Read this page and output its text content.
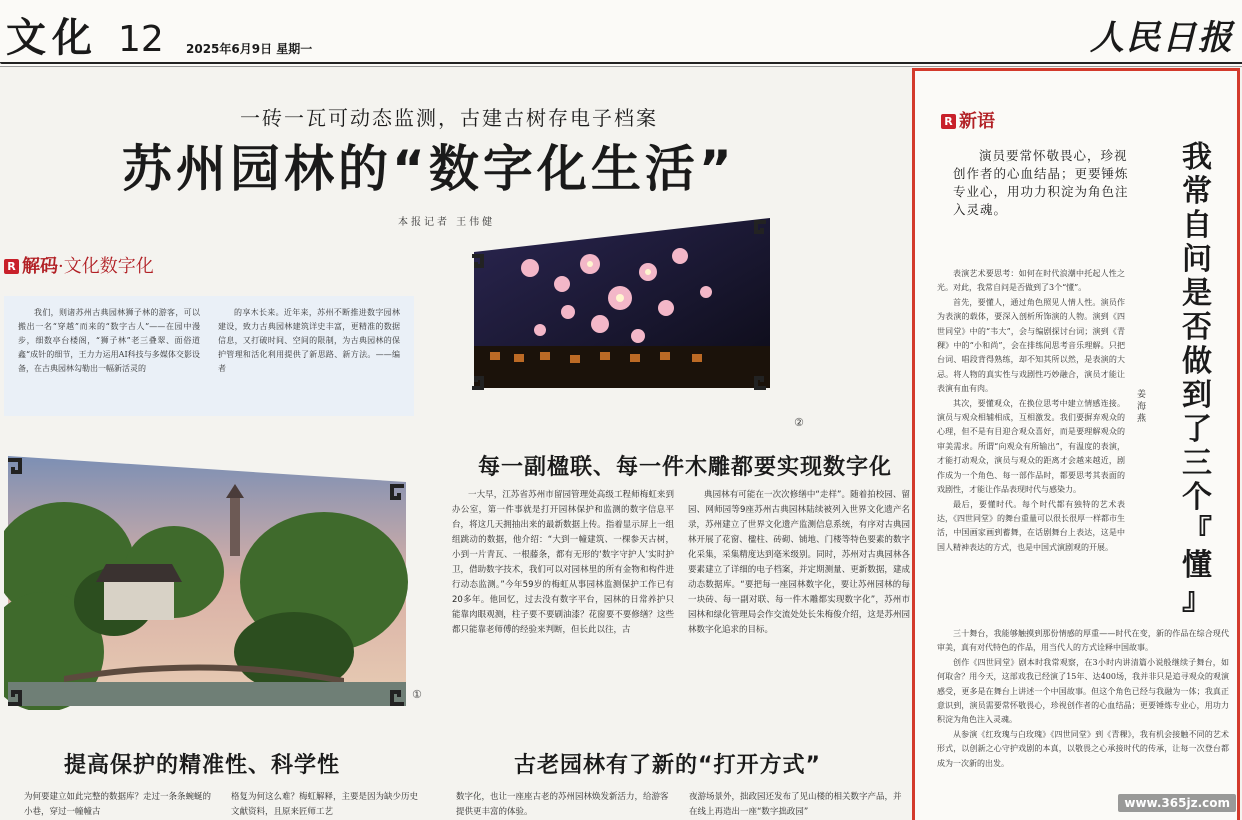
文化 12 2025年6月9日 星期一	人民日报
一砖一瓦可动态监测，古建古树存电子档案
苏州园林的“数字化生活”
本报记者 王伟健
R 解码·文化数字化
我们，则诸苏州古典园林狮子林的游客，可以搬出一名“穿越”而来的“数字古人”——在园中漫步，细数亭台楼阁，“狮子林”老三叠翠、面俗道鑫“成针的细节，王力力运用AI科技与多媒体交影设备，在古典园林勾勒出一幅新活灵的
的享木长来。近年来，苏州不断推进数字园林建设，致力古典园林建筑详史丰富，更精准的数据信息，又打破时间、空间的限制，为古典园林的保护管理和活化利用提供了新思路、新方法。——编者
②
①
每一副楹联、每一件木雕都要实现数字化
一大早，江苏省苏州市留园管理处高级工程师梅虹来到办公室，第一件事就是打开园林保护和监测的数字信息平台，将这几天拥抽出来的最新数据上传。指着显示屏上一组组跳动的数据，他介绍：“大到一幢建筑、一棵参天古树，小到一片青瓦、一根藤条，都有无形的‘数字守护人’实时护卫，借助数字技术，我们可以对园林里的所有金物和构件进行动态监测。”今年59岁的梅虹从事园林监测保护工作已有20多年。他回忆，过去没有数字平台，园林的日常养护只能靠肉眼观测，柱子要不要刷油漆？花窗要不要修缮？这些都只能靠老师傅的经验来判断，但长此以往，古
典园林有可能在一次次修缮中“走样”。随着拍校园、留园、网师园等9座苏州古典园林陆续被列入世界文化遗产名录，苏州建立了世界文化遗产监测信息系统，有序对古典园林开展了花窗、楹柱、砖砌、铺地、门楼等特色要素的数字化采集，采集精度达到毫米级别。同时，苏州对古典园林各要素建立了详细的电子档案，并定期测量、更新数据，建成动态数据库。“要把每一座园林数字化，要让苏州园林的每一块砖、每一副对联、每一件木雕都实现数字化”，苏州市园林和绿化管理局会作交流处处长朱梅俊介绍，这是苏州园林数字化追求的目标。
提高保护的精准性、科学性
为何要建立如此完整的数据库？走过一条条蜿蜒的小巷，穿过一幢幢古
格复为何这么难？梅虹解释，主要是因为缺少历史文献资料，且原来匠师工艺
古老园林有了新的“打开方式”
数字化，也让一座座古老的苏州园林焕发新活力，给游客提供更丰富的体验。
夜游场景外，拙政园还发布了见山楼的相关数字产品，并在线上再造出一座“数字拙政园”
R 新语
演员要常怀敬畏心，珍视创作者的心血结晶；更要锤炼专业心，用功力积淀为角色注入灵魂。
我
常
自
问
是
否
做
到
了
三
个
『
懂
』
姜海燕

表演艺术要思考：如何在时代浪潮中托起人性之光。对此，我常自问是否做到了3个“懂”。

首先，要懂人，通过角色照见人情人性。演员作为表演的载体，要深入剖析所饰演的人物。演到《四世同堂》中的“韦大”，会与编剧探讨台词；演到《青稞》中的“小和尚”，会在排练间思考音乐理解。只把台词、唱段背得熟练，却不知其所以然，是表演的大忌。将人物的真实性与戏剧性巧妙融合，演员才能让表演有血有肉。

其次，要懂观众，在换位思考中建立情感连接。演员与观众相辅相成，互相激发。我们要摒弃观众的心理，但不是有目迎合观众喜好，而是要理解观众的审美需求。所谓“向观众有所输出”，有温度的表演，才能打动观众，演员与观众的距离才会越来越近，剧作成为一个角色、每一部作品时，都要思考其表面的戏剧性，才能让作品表现时代与感染力。

最后，要懂时代。每个时代都有独特的艺术表达，《四世同堂》的舞台重量可以很长很厚一样都市生活，中国画家画到蓄舞，在话剧舞台上表达，这是中国人精神表达的方式，也是中国式演剧观的开展。

三十舞台，我能够触摸到那份情感的厚重——时代在变，新的作品在综合现代审美，真有对代特色的作品，用当代人的方式诠释中国故事。

创作《四世同堂》剧本时我常观察，在3小时内讲清篇小说般继续子舞台，如何取舍？用今天，这部戏我已经演了15年、达400场，我并非只是追寻观众的观演感受，更多是在舞台上讲述一个中国故事。但这个角色已经与我融为一体；我真正意识到，演员需要常怀敬畏心，珍视创作者的心血结晶；更要锤炼专业心，用功力积淀为角色注入灵魂。

从参演《红玫瑰与白玫瑰》《四世同堂》到《青稞》，我有机会接触不同的艺术形式，以创新之心守护戏剧的本真，以敬畏之心承接时代的传承，让每一次登台都成为一次新的出发。

www.365jz.com
